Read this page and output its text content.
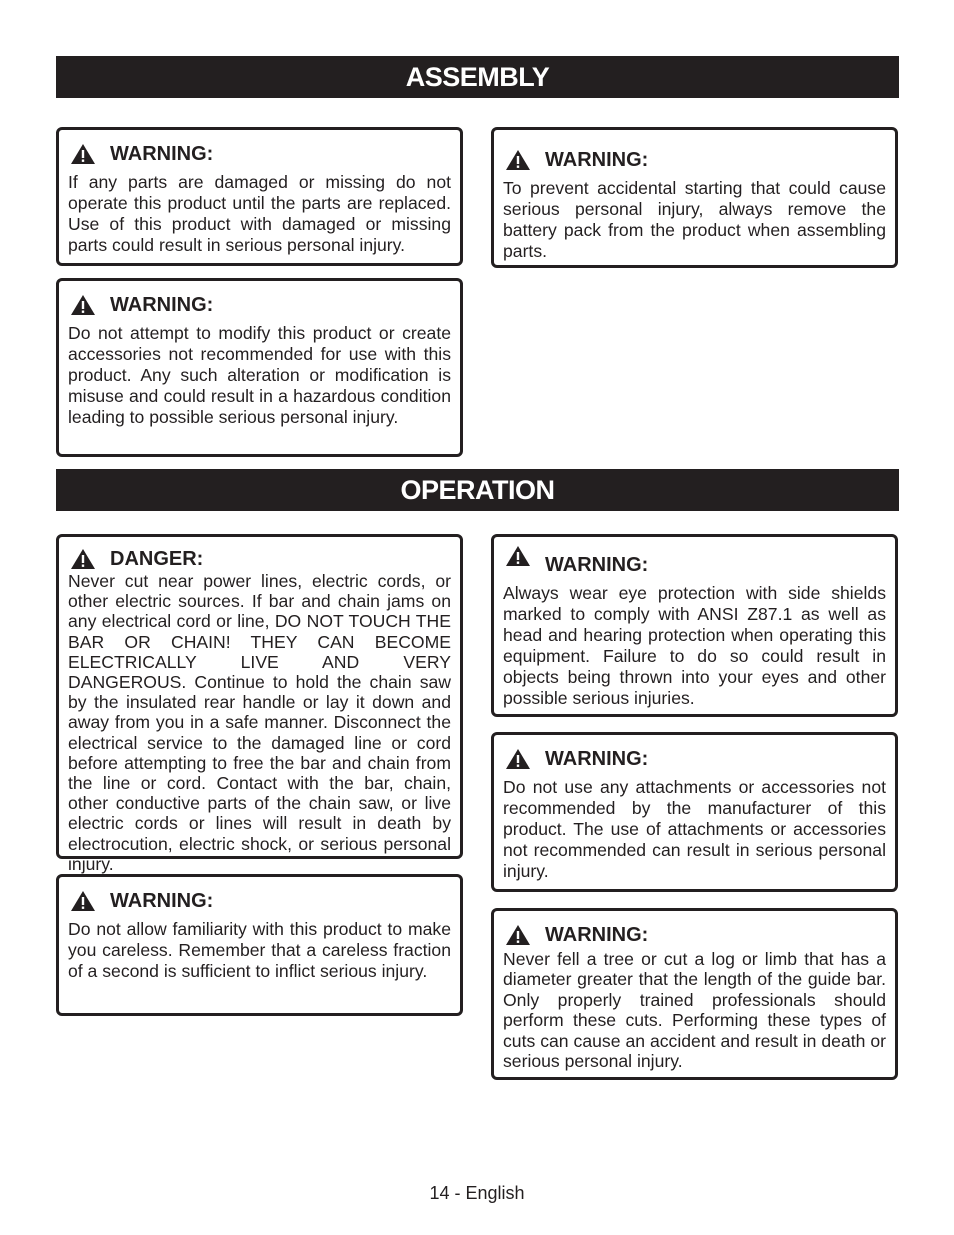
ASSEMBLY
WARNING:
If any parts are damaged or missing do not operate this product until the parts are replaced. Use of this product with damaged or missing parts could result in serious personal injury.
WARNING:
Do not attempt to modify this product or create accessories not recommended for use with this product. Any such alteration or modification is misuse and could result in a hazardous condition leading to possible serious personal injury.
WARNING:
To prevent accidental starting that could cause serious personal injury, always remove the battery pack from the product when assembling parts.
OPERATION
DANGER:
Never cut near power lines, electric cords, or other electric sources. If bar and chain jams on any electrical cord or line, DO NOT TOUCH THE BAR OR CHAIN! THEY CAN BECOME ELECTRICALLY LIVE AND VERY DANGEROUS. Continue to hold the chain saw by the insulated rear handle or lay it down and away from you in a safe manner. Disconnect the electrical service to the damaged line or cord before attempting to free the bar and chain from the line or cord. Contact with the bar, chain, other conductive parts of the chain saw, or live electric cords or lines will result in death by electrocution, electric shock, or serious personal injury.
WARNING:
Do not allow familiarity with this product to make you careless. Remember that a careless fraction of a second is sufficient to inflict serious injury.
WARNING:
Always wear eye protection with side shields marked to comply with ANSI Z87.1 as well as head and hearing protection when operating this equipment. Failure to do so could result in objects being thrown into your eyes and other possible serious injuries.
WARNING:
Do not use any attachments or accessories not recommended by the manufacturer of this product. The use of attachments or accessories not recommended can result in serious personal injury.
WARNING:
Never fell a tree or cut a log or limb that has a diameter greater that the length of the guide bar. Only properly trained professionals should perform these cuts. Performing these types of cuts can cause an accident and result in death or serious personal injury.
14 - English
